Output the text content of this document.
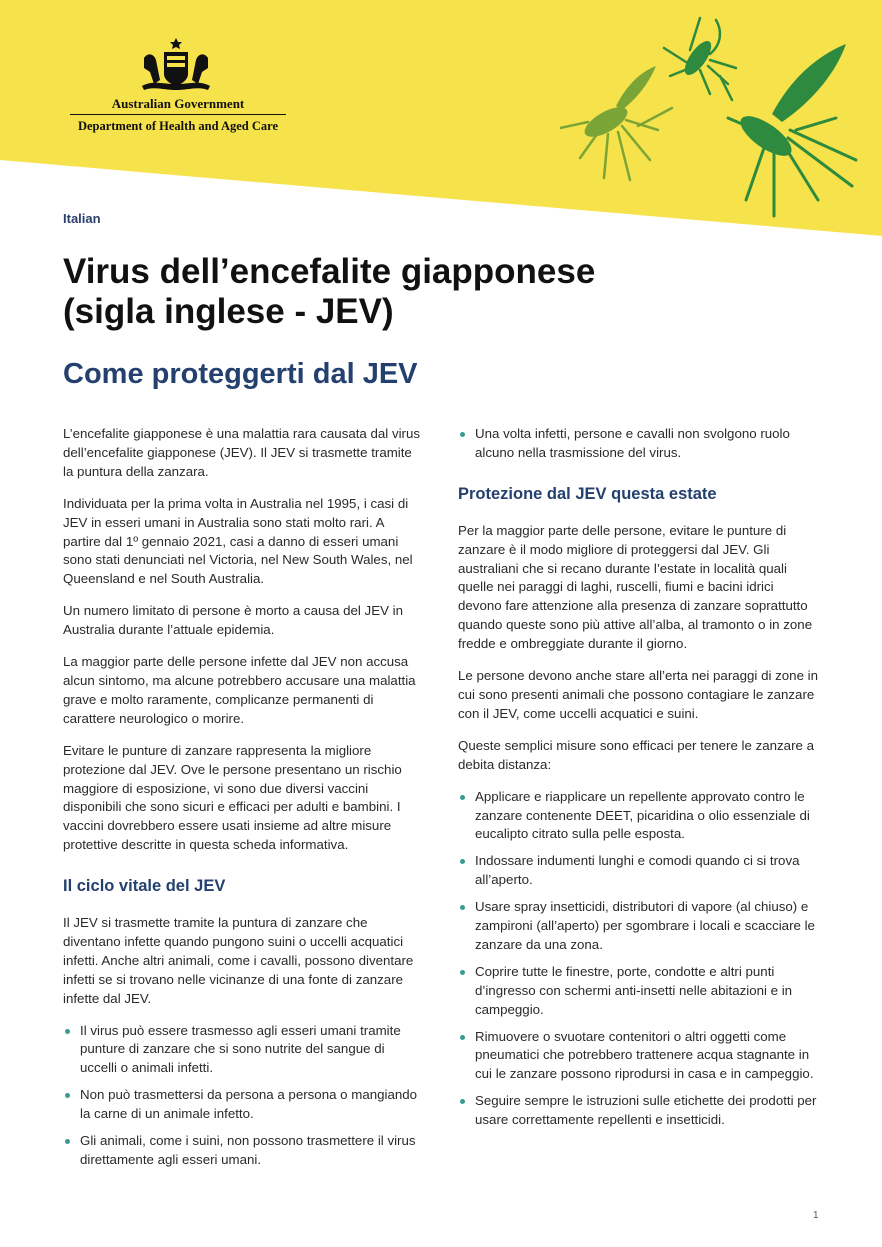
Australian Government
Department of Health and Aged Care
Italian
Virus dell’encefalite giapponese
(sigla inglese - JEV)
Come proteggerti dal JEV

L’encefalite giapponese è una malattia rara causata dal virus dell’encefalite giapponese (JEV). Il JEV si trasmette tramite la puntura della zanzara.

Individuata per la prima volta in Australia nel 1995, i casi di JEV in esseri umani in Australia sono stati molto rari. A partire dal 1º gennaio 2021, casi a danno di esseri umani sono stati denunciati nel Victoria, nel New South Wales, nel Queensland e nel South Australia.

Un numero limitato di persone è morto a causa del JEV in Australia durante l’attuale epidemia.

La maggior parte delle persone infette dal JEV non accusa alcun sintomo, ma alcune potrebbero accusare una malattia grave e molto raramente, complicanze permanenti di carattere neurologico o morire.

Evitare le punture di zanzare rappresenta la migliore protezione dal JEV. Ove le persone presentano un rischio maggiore di esposizione, vi sono due diversi vaccini disponibili che sono sicuri e efficaci per adulti e bambini. I vaccini dovrebbero essere usati insieme ad altre misure protettive descritte in questa scheda informativa.

Il ciclo vitale del JEV

Il JEV si trasmette tramite la puntura di zanzare che diventano infette quando pungono suini o uccelli acquatici infetti. Anche altri animali, come i cavalli, possono diventare infetti se si trovano nelle vicinanze di una fonte di zanzare infette dal JEV.

Il virus può essere trasmesso agli esseri umani tramite punture di zanzare che si sono nutrite del sangue di uccelli o animali infetti.
Non può trasmettersi da persona a persona o mangiando la carne di un animale infetto.
Gli animali, come i suini, non possono trasmettere il virus direttamente agli esseri umani.
Una volta infetti, persone e cavalli non svolgono ruolo alcuno nella trasmissione del virus.
Protezione dal JEV questa estate

Per la maggior parte delle persone, evitare le punture di zanzare è il modo migliore di proteggersi dal JEV. Gli australiani che si recano durante l’estate in località quali quelle nei paraggi di laghi, ruscelli, fiumi e bacini idrici devono fare attenzione alla presenza di zanzare soprattutto quando queste sono più attive all’alba, al tramonto o in zone fredde e ombreggiate durante il giorno.

Le persone devono anche stare all’erta nei paraggi di zone in cui sono presenti animali che possono contagiare le zanzare con il JEV, come uccelli acquatici e suini.

Queste semplici misure sono efficaci per tenere le zanzare a debita distanza:

Applicare e riapplicare un repellente approvato contro le zanzare contenente DEET, picaridina o olio essenziale di eucalipto citrato sulla pelle esposta.
Indossare indumenti lunghi e comodi quando ci si trova all’aperto.
Usare spray insetticidi, distributori di vapore (al chiuso) e zampironi (all’aperto) per sgombrare i locali e scacciare le zanzare da una zona.
Coprire tutte le finestre, porte, condotte e altri punti d’ingresso con schermi anti-insetti nelle abitazioni e in campeggio.
Rimuovere o svuotare contenitori o altri oggetti come pneumatici che potrebbero trattenere acqua stagnante in cui le zanzare possono riprodursi in casa e in campeggio.
Seguire sempre le istruzioni sulle etichette dei prodotti per usare correttamente repellenti e insetticidi.
1
